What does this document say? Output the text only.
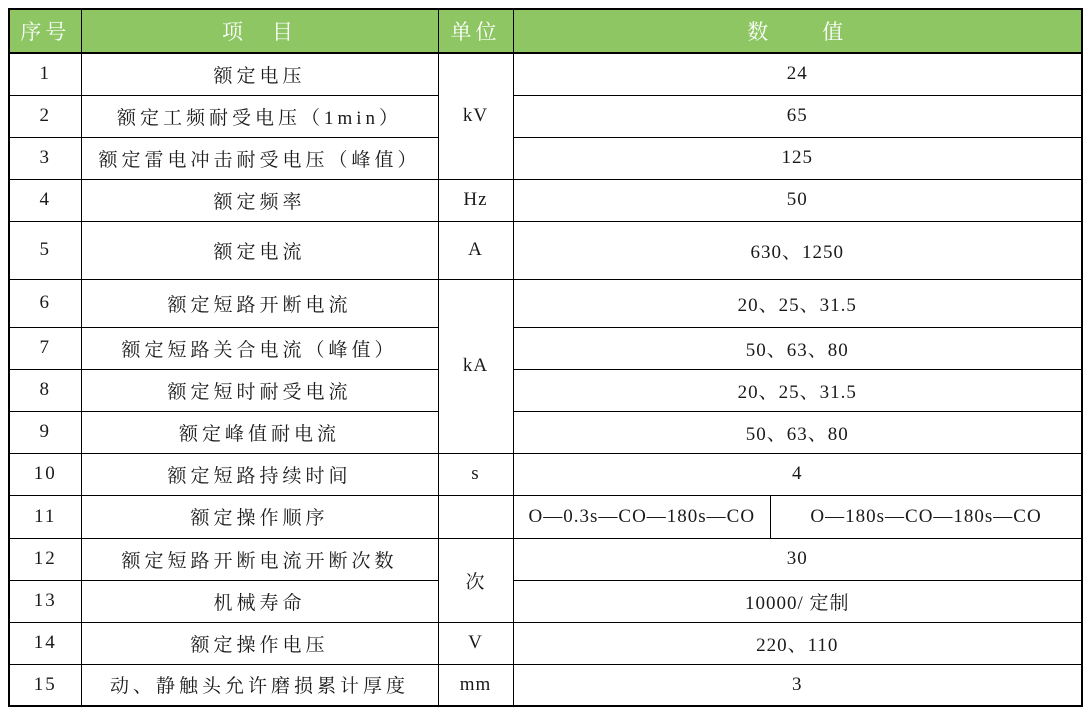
序号	项　目	单位	数　　值
1	额定电压	kV	24
2	额定工频耐受电压（1min）		65
3	额定雷电冲击耐受电压（峰值）		125
4	额定频率	Hz	50
5	额定电流	A	630、1250
6	额定短路开断电流	kA	20、25、31.5
7	额定短路关合电流（峰值）		50、63、80
8	额定短时耐受电流		20、25、31.5
9	额定峰值耐电流		50、63、80
10	额定短路持续时间	s	4
11	额定操作顺序		O—0.3s—CO—180s—CO O—180s—CO—180s—CO

12	额定短路开断电流开断次数	次	30
13	机械寿命		10000/ 定制
14	额定操作电压	V	220、110
15	动、静触头允许磨损累计厚度	mm	3
